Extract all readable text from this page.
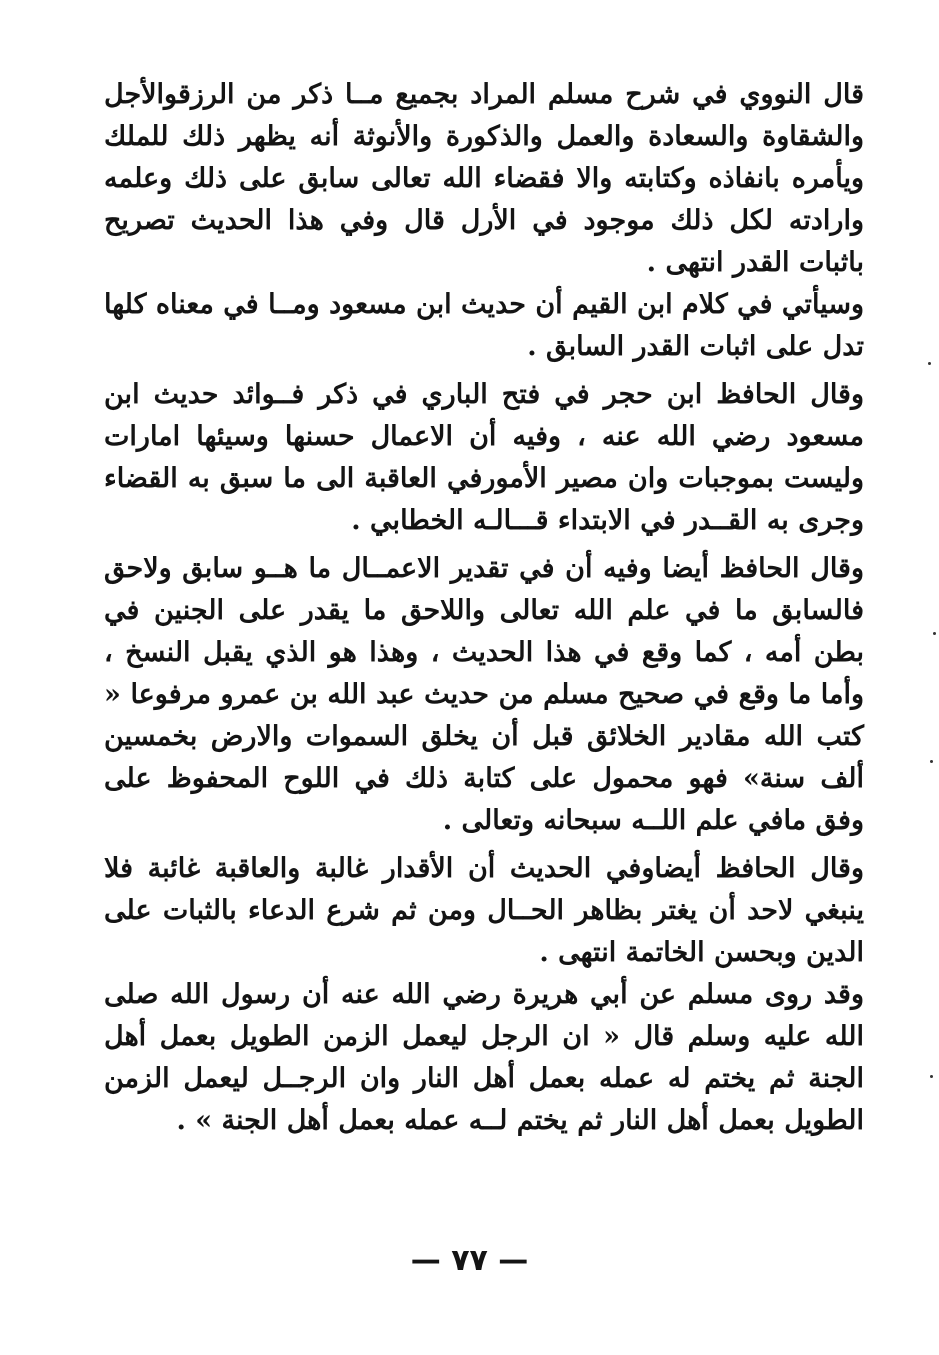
قال النووي في شرح مسلم المراد بجميع مــا ذكر من الرزقوالأجل والشقاوة والسعادة والعمل والذكورة والأنوثة أنه يظهر ذلك للملك ويأمره بانفاذه وكتابته والا فقضاء الله تعالى سابق على ذلك وعلمه وارادته لكل ذلك موجود في الأرل قال وفي هذا الحديث تصريح باثبات القدر انتهى .

وسيأتي في كلام ابن القيم أن حديث ابن مسعود ومــا في معناه كلها تدل على اثبات القدر السابق .

وقال الحافظ ابن حجر في فتح الباري في ذكر فــوائد حديث ابن مسعود رضي الله عنه ، وفيه أن الاعمال حسنها وسيئها امارات وليست بموجبات وان مصير الأمورفي العاقبة الى ما سبق به القضاء وجرى به القــدر في الابتداء قـــالـه الخطابي .

وقال الحافظ أيضا وفيه أن في تقدير الاعمــال ما هــو سابق ولاحق فالسابق ما في علم الله تعالى واللاحق ما يقدر على الجنين في بطن أمه ، كما وقع في هذا الحديث ، وهذا هو الذي يقبل النسخ ، وأما ما وقع في صحيح مسلم من حديث عبد الله بن عمرو مرفوعا « كتب الله مقادير الخلائق قبل أن يخلق السموات والارض بخمسين ألف سنة» فهو محمول على كتابة ذلك في اللوح المحفوظ على وفق مافي علم اللــه سبحانه وتعالى .

وقال الحافظ أيضاوفي الحديث أن الأقدار غالبة والعاقبة غائبة فلا ينبغي لاحد أن يغتر بظاهر الحــال ومن ثم شرع الدعاء بالثبات على الدين وبحسن الخاتمة انتهى .

وقد روى مسلم عن أبي هريرة رضي الله عنه أن رسول الله صلى الله عليه وسلم قال « ان الرجل ليعمل الزمن الطويل بعمل أهل الجنة ثم يختم له عمله بعمل أهل النار وان الرجــل ليعمل الزمن الطويل بعمل أهل النار ثم يختم لــه عمله بعمل أهل الجنة » .

— ٧٧ —
